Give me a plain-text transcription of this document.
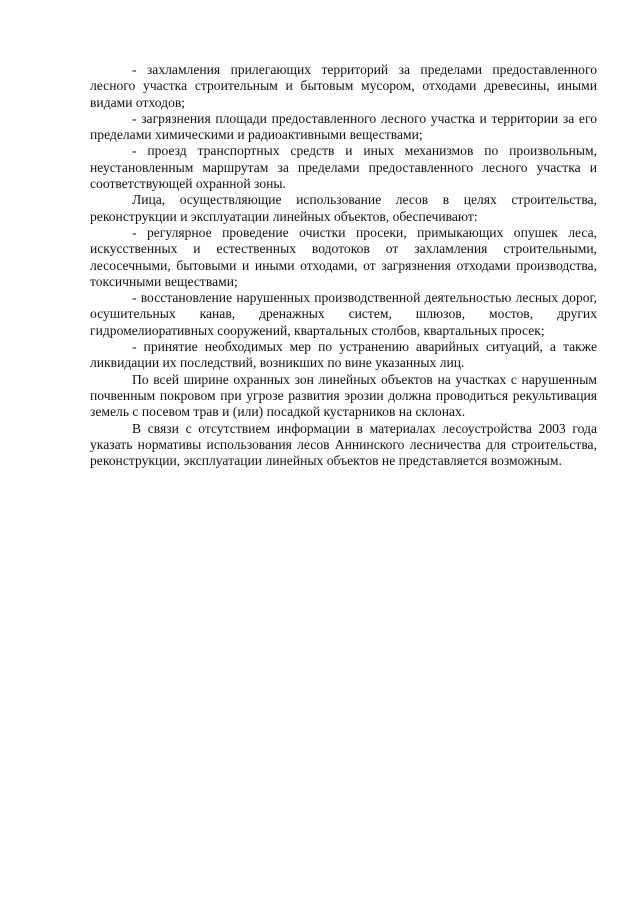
- захламления прилегающих территорий за пределами предоставленного лесного участка строительным и бытовым мусором, отходами древесины, иными видами отходов;

- загрязнения площади предоставленного лесного участка и территории за его пределами химическими и радиоактивными веществами;

- проезд транспортных средств и иных механизмов по произвольным, неустановленным маршрутам за пределами предоставленного лесного участка и соответствующей охранной зоны.

Лица, осуществляющие использование лесов в целях строительства, реконструкции и эксплуатации линейных объектов, обеспечивают:

- регулярное проведение очистки просеки, примыкающих опушек леса, искусственных и естественных водотоков от захламления строительными, лесосечными, бытовыми и иными отходами, от загрязнения отходами производства, токсичными веществами;

- восстановление нарушенных производственной деятельностью лесных дорог, осушительных канав, дренажных систем, шлюзов, мостов, других гидромелиоративных сооружений, квартальных столбов, квартальных просек;

- принятие необходимых мер по устранению аварийных ситуаций, а также ликвидации их последствий, возникших по вине указанных лиц.

По всей ширине охранных зон линейных объектов на участках с нарушенным почвенным покровом при угрозе развития эрозии должна проводиться рекультивация земель с посевом трав и (или) посадкой кустарников на склонах.

В связи с отсутствием информации в материалах лесоустройства 2003 года указать нормативы использования лесов Аннинского лесничества для строительства, реконструкции, эксплуатации линейных объектов не представляется возможным.
